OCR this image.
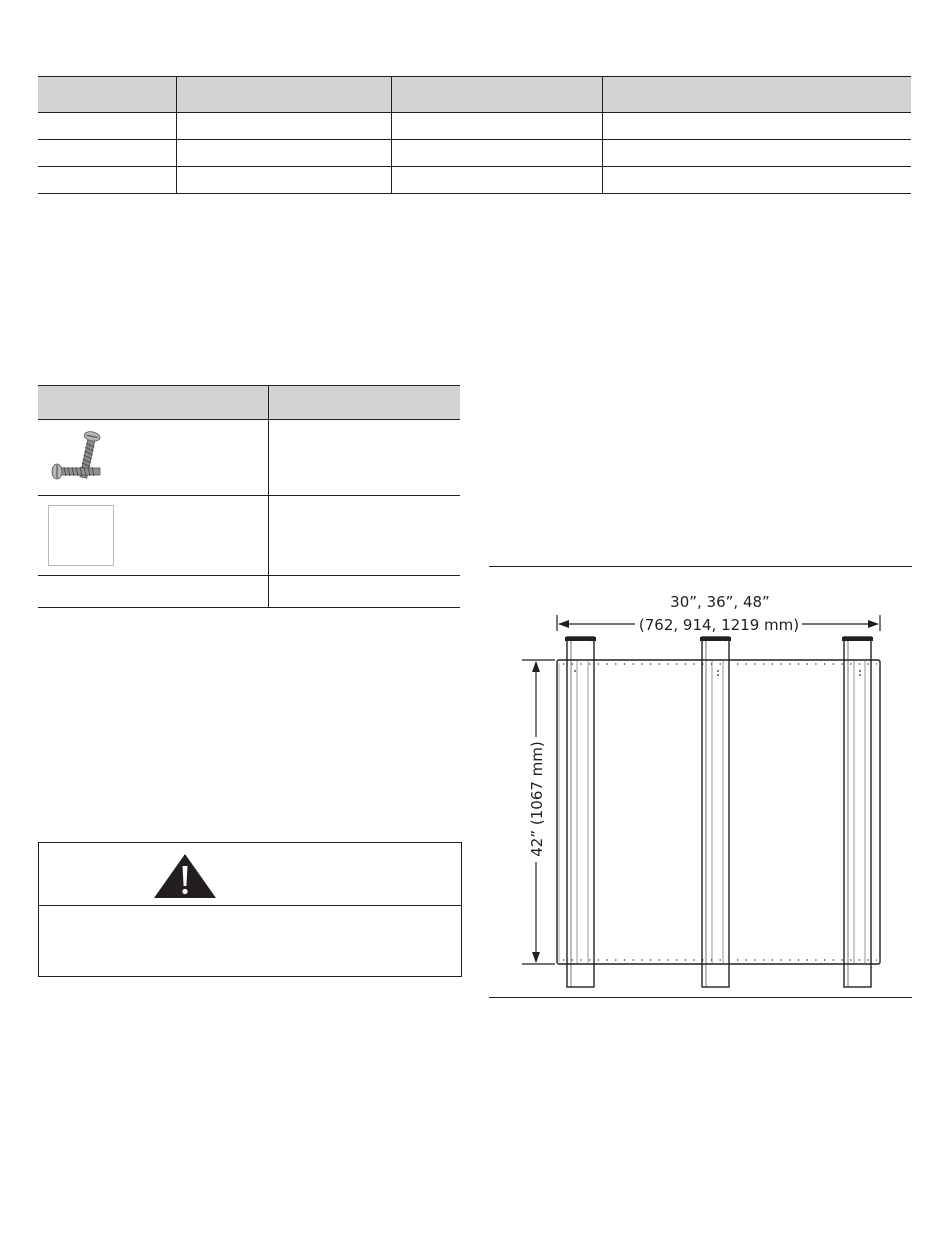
30”, 36”, 48”
(762, 914, 1219 mm)
42” (1067 mm)
